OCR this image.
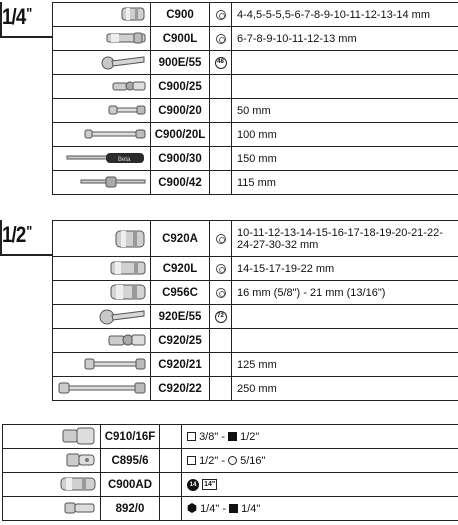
1/4"
		C900		4-4,5-5-5,5-6-7-8-9-10-11-12-13-14 mm
	C900L		6-7-8-9-10-11-12-13 mm
	900E/55	48	
	C900/25		
	C900/20		50 mm
	C900/20L		100 mm

Beta	C900/30		150 mm
	C900/42		115 mm
1/2"
		C920A		10-11-12-13-14-15-16-17-18-19-20-21-22-24-27-30-32 mm
	C920L		14-15-17-19-22 mm
	C956C		16 mm (5/8") - 21 mm (13/16")
	920E/55	72	
	C920/25		
	C920/21		125 mm
	C920/22		250 mm
	C910/16F		3/8" -  1/2"
	C895/6		1/2" -  5/16"
	C900AD		14 14"
	892/0		1/4" -  1/4"
